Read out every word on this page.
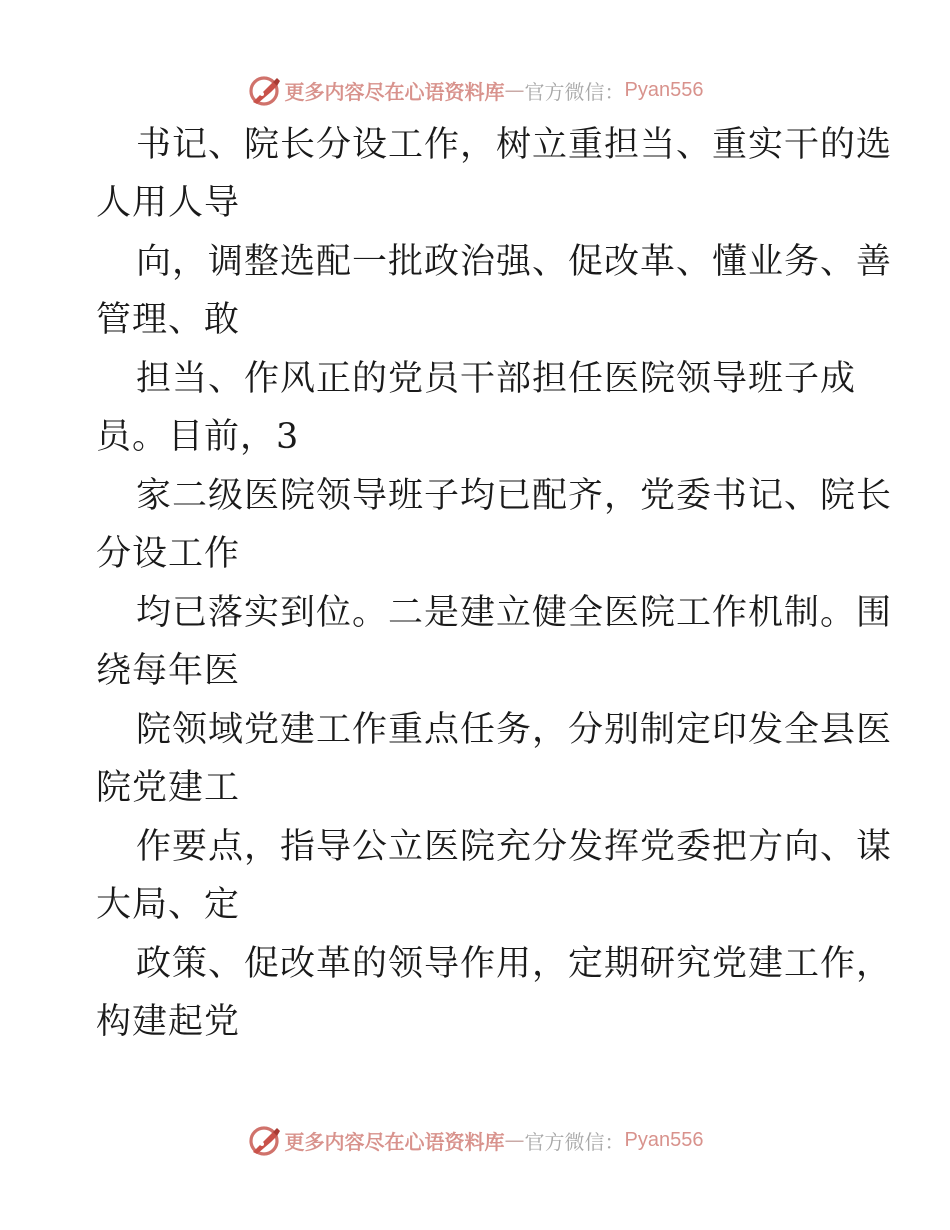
更多内容尽在心语资料库 — 官方微信： Pyan556
书记、院长分设工作，树立重担当、重实干的选
人用人导
向，调整选配一批政治强、促改革、懂业务、善
管理、敢
担当、作风正的党员干部担任医院领导班子成
员。目前，3
家二级医院领导班子均已配齐，党委书记、院长
分设工作
均已落实到位。二是建立健全医院工作机制。围
绕每年医
院领域党建工作重点任务，分别制定印发全县医
院党建工
作要点，指导公立医院充分发挥党委把方向、谋
大局、定
政策、促改革的领导作用，定期研究党建工作，
构建起党
更多内容尽在心语资料库 — 官方微信： Pyan556
